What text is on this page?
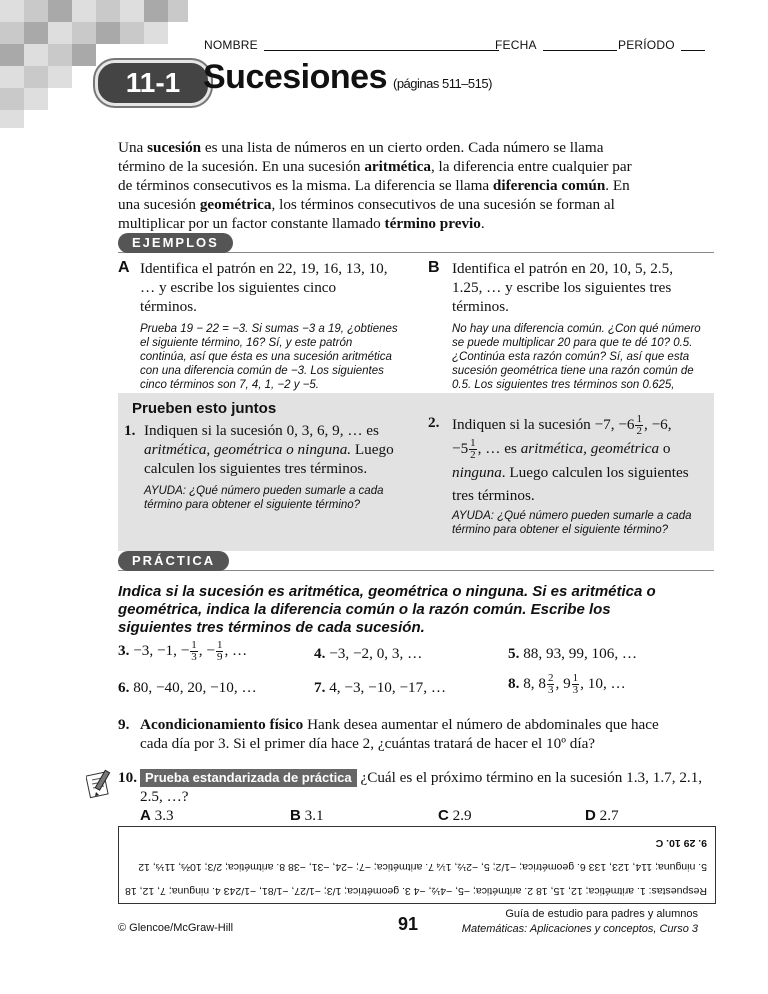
NOMBRE	FECHA	PERÍODO
11-1 Sucesiones (páginas 511–515)
Una sucesión es una lista de números en un cierto orden. Cada número se llama término de la sucesión. En una sucesión aritmética, la diferencia entre cualquier par de términos consecutivos es la misma. La diferencia se llama diferencia común. En una sucesión geométrica, los términos consecutivos de una sucesión se forman al multiplicar por un factor constante llamado término previo.
EJEMPLOS
A Identifica el patrón en 22, 19, 16, 13, 10, … y escribe los siguientes cinco términos.
Prueba 19 − 22 = −3. Si sumas −3 a 19, ¿obtienes el siguiente término, 16? Sí, y este patrón continúa, así que ésta es una sucesión aritmética con una diferencia común de −3. Los siguientes cinco términos son 7, 4, 1, −2 y −5.
B Identifica el patrón en 20, 10, 5, 2.5, 1.25, … y escribe los siguientes tres términos.
No hay una diferencia común. ¿Con qué número se puede multiplicar 20 para que te dé 10? 0.5. ¿Continúa esta razón común? Sí, así que esta sucesión geométrica tiene una razón común de 0.5. Los siguientes tres términos son 0.625,
Prueben esto juntos
1. Indiquen si la sucesión 0, 3, 6, 9, … es aritmética, geométrica o ninguna. Luego calculen los siguientes tres términos.
AYUDA: ¿Qué número pueden sumarle a cada término para obtener el siguiente término?
2. Indiquen si la sucesión −7, $-6 \frac{1}{2}$ , −6,
$-5 \frac{1}{2}$ , … es aritmética, geométrica o ninguna. Luego calculen los siguientes tres términos.
AYUDA: ¿Qué número pueden sumarle a cada término para obtener el siguiente término?
PRÁCTICA
Indica si la sucesión es aritmética, geométrica o ninguna. Si es aritmética o geométrica, indica la diferencia común o la razón común. Escribe los siguientes tres términos de cada sucesión.
3. −3, −1, − $\frac{1}{3}$ , − $\frac{1}{9}$ , …	4. −3, −2, 0, 3, …	5. 88, 93, 99, 106, …
6. 80, −40, 20, −10, …	7. 4, −3, −10, −17, …	8. 8, $8 \frac{2}{3}$ , $9 \frac{1}{3}$ , 10, …
9. Acondicionamiento físico Hank desea aumentar el número de abdominales que hace cada día por 3. Si el primer día hace 2, ¿cuántas tratará de hacer el 10º día?
10. Prueba estandarizada de práctica ¿Cuál es el próximo término en la sucesión 1.3, 1.7, 2.1, 2.5, …?
A 3.3	B 3.1	C 2.9	D 2.7
Respuestas: 1. aritmética; 12, 15, 18 2. aritmética; −5, −4½, −4 3. geométrica; 1/3; −1/27, −1/81, −1/243 4. ninguna; 7, 12, 18
5. ninguna; 114, 123, 133 6. geométrica; −1/2; 5, −2½, 1¼ 7. aritmética; −7; −24, −31, −38 8. aritmética; 2/3; 10⅔, 11⅓, 12
9. 29 10. C
© Glencoe/McGraw-Hill	91	Guía de estudio para padres y alumnos
Matemáticas: Aplicaciones y conceptos, Curso 3
